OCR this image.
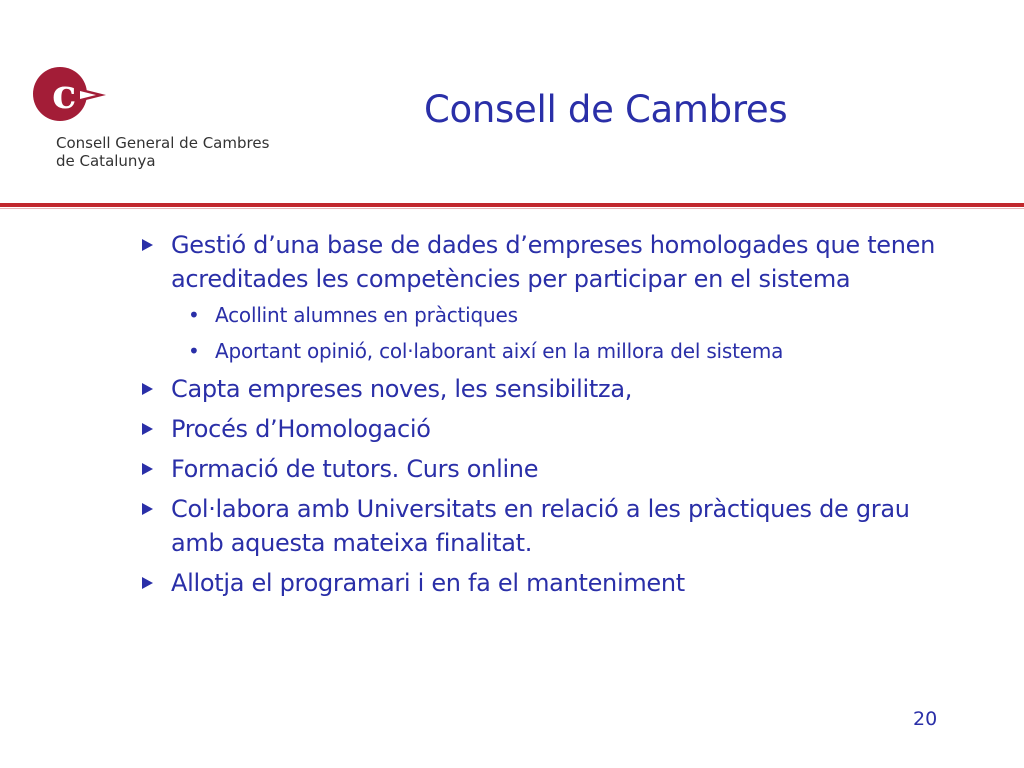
c
Consell General de Cambres
de Catalunya
Consell de Cambres
Gestió d’una base de dades d’empreses homologades que tenen acreditades les competències per participar en el sistema
• Acollint alumnes en pràctiques
• Aportant opinió, col·laborant així en la millora del sistema
Capta empreses noves, les sensibilitza,
Procés d’Homologació
Formació de tutors. Curs online
Col·labora amb Universitats en relació a les pràctiques de grau amb aquesta mateixa finalitat.
Allotja el programari i en fa el manteniment
20
